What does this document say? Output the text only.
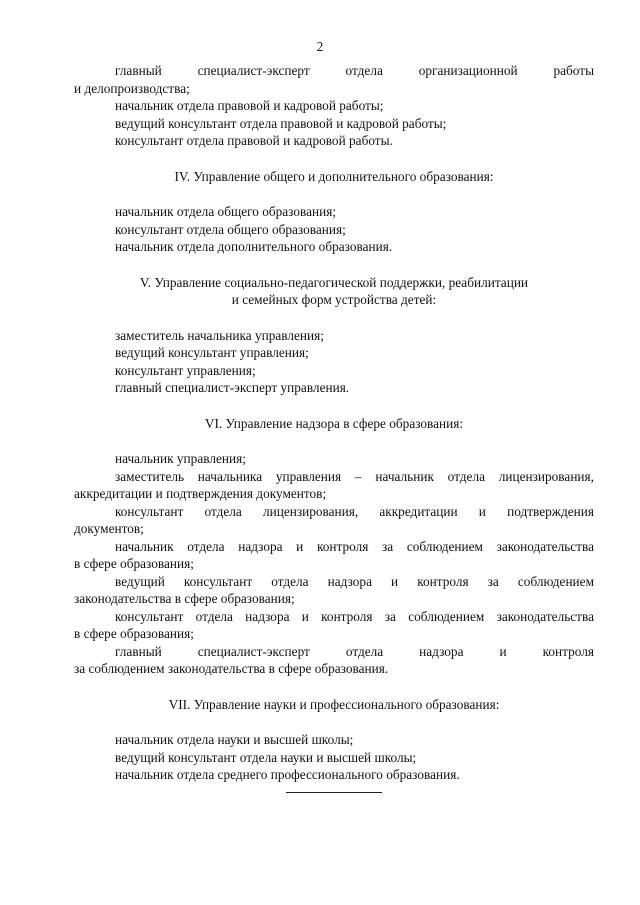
2

главный специалист-эксперт отдела организационной работы

и делопроизводства;

начальник отдела правовой и кадровой работы;

ведущий консультант отдела правовой и кадровой работы;

консультант отдела правовой и кадровой работы.

IV. Управление общего и дополнительного образования:

начальник отдела общего образования;

консультант отдела общего образования;

начальник отдела дополнительного образования.

V. Управление социально-педагогической поддержки, реабилитации
и семейных форм устройства детей:

заместитель начальника управления;

ведущий консультант управления;

консультант управления;

главный специалист-эксперт управления.

VI. Управление надзора в сфере образования:

начальник управления;

заместитель начальника управления – начальник отдела лицензирования,

аккредитации и подтверждения документов;

консультант отдела лицензирования, аккредитации и подтверждения

документов;

начальник отдела надзора и контроля за соблюдением законодательства

в сфере образования;

ведущий консультант отдела надзора и контроля за соблюдением

законодательства в сфере образования;

консультант отдела надзора и контроля за соблюдением законодательства

в сфере образования;

главный специалист-эксперт отдела надзора и контроля

за соблюдением законодательства в сфере образования.

VII. Управление науки и профессионального образования:

начальник отдела науки и высшей школы;

ведущий консультант отдела науки и высшей школы;

начальник отдела среднего профессионального образования.
